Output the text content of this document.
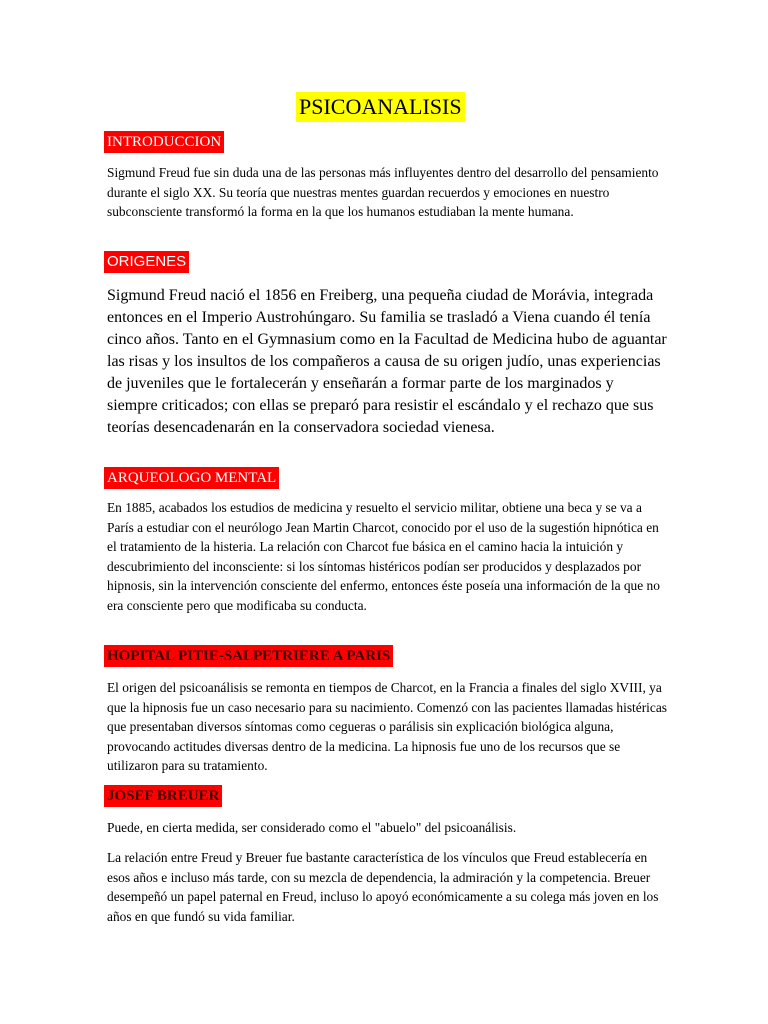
PSICOANALISIS
INTRODUCCION

Sigmund Freud fue sin duda una de las personas más influyentes dentro del desarrollo del pensamiento durante el siglo XX. Su teoría que nuestras mentes guardan recuerdos y emociones en nuestro subconsciente transformó la forma en la que los humanos estudiaban la mente humana.

ORIGENES

Sigmund Freud nació el 1856 en Freiberg, una pequeña ciudad de Morávia, integrada entonces en el Imperio Austrohúngaro. Su familia se trasladó a Viena cuando él tenía cinco años. Tanto en el Gymnasium como en la Facultad de Medicina hubo de aguantar las risas y los insultos de los compañeros a causa de su origen judío, unas experiencias de juveniles que le fortalecerán y enseñarán a formar parte de los marginados y siempre criticados; con ellas se preparó para resistir el escándalo y el rechazo que sus teorías desencadenarán en la conservadora sociedad vienesa.

ARQUEOLOGO MENTAL

En 1885, acabados los estudios de medicina y resuelto el servicio militar, obtiene una beca y se va a París a estudiar con el neurólogo Jean Martin Charcot, conocido por el uso de la sugestión hipnótica en el tratamiento de la histeria. La relación con Charcot fue básica en el camino hacia la intuición y descubrimiento del inconsciente: si los síntomas histéricos podían ser producidos y desplazados por hipnosis, sin la intervención consciente del enfermo, entonces éste poseía una información de la que no era consciente pero que modificaba su conducta.

HOPITAL PITIE-SALPETRIERE A PARIS

El origen del psicoanálisis se remonta en tiempos de Charcot, en la Francia a finales del siglo XVIII, ya que la hipnosis fue un caso necesario para su nacimiento. Comenzó con las pacientes llamadas histéricas que presentaban diversos síntomas como cegueras o parálisis sin explicación biológica alguna, provocando actitudes diversas dentro de la medicina. La hipnosis fue uno de los recursos que se utilizaron para su tratamiento.

JOSEF BREUER

Puede, en cierta medida, ser considerado como el "abuelo" del psicoanálisis.

La relación entre Freud y Breuer fue bastante característica de los vínculos que Freud establecería en esos años e incluso más tarde, con su mezcla de dependencia, la admiración y la competencia. Breuer desempeñó un papel paternal en Freud, incluso lo apoyó económicamente a su colega más joven en los años en que fundó su vida familiar.
